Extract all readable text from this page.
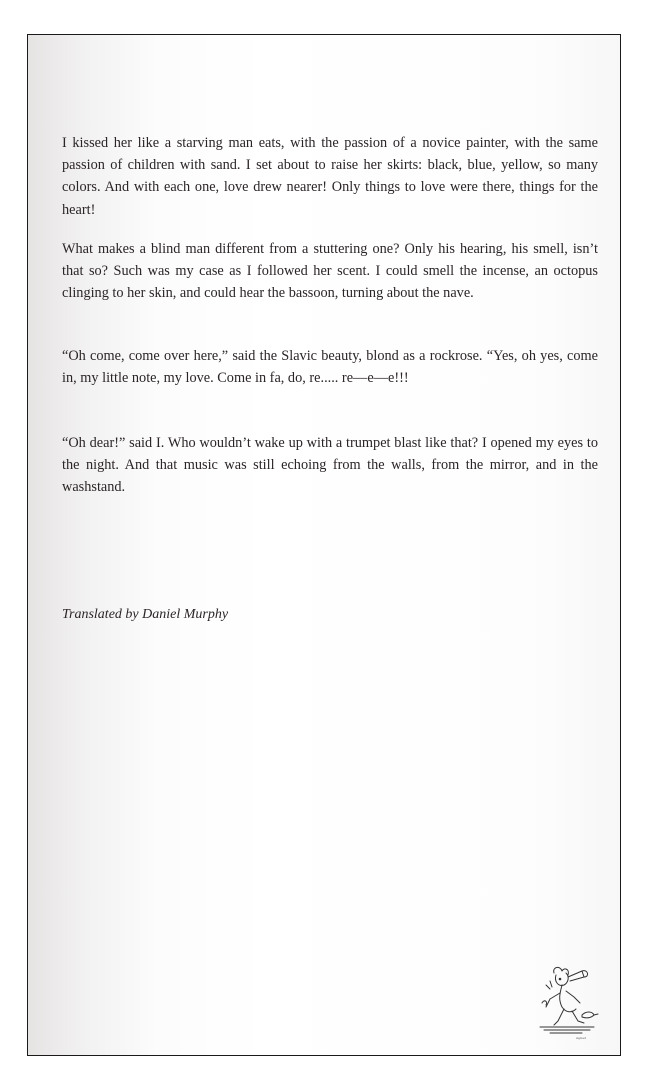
I kissed her like a starving man eats, with the passion of a novice painter, with the same passion of children with sand. I set about to raise her skirts: black, blue, yellow, so many colors. And with each one, love drew nearer! Only things to love were there, things for the heart!

What makes a blind man different from a stuttering one? Only his hearing, his smell, isn’t that so? Such was my case as I followed her scent. I could smell the incense, an octopus clinging to her skin, and could hear the bassoon, turning about the nave.

“Oh come, come over here,” said the Slavic beauty, blond as a rockrose. “Yes, oh yes, come in, my little note, my love. Come in fa, do, re..... re—e—e!!!

“Oh dear!” said I. Who wouldn’t wake up with a trumpet blast like that? I opened my eyes to the night. And that music was still echoing from the walls, from the mirror, and in the washstand.

Translated by Daniel Murphy

signed
